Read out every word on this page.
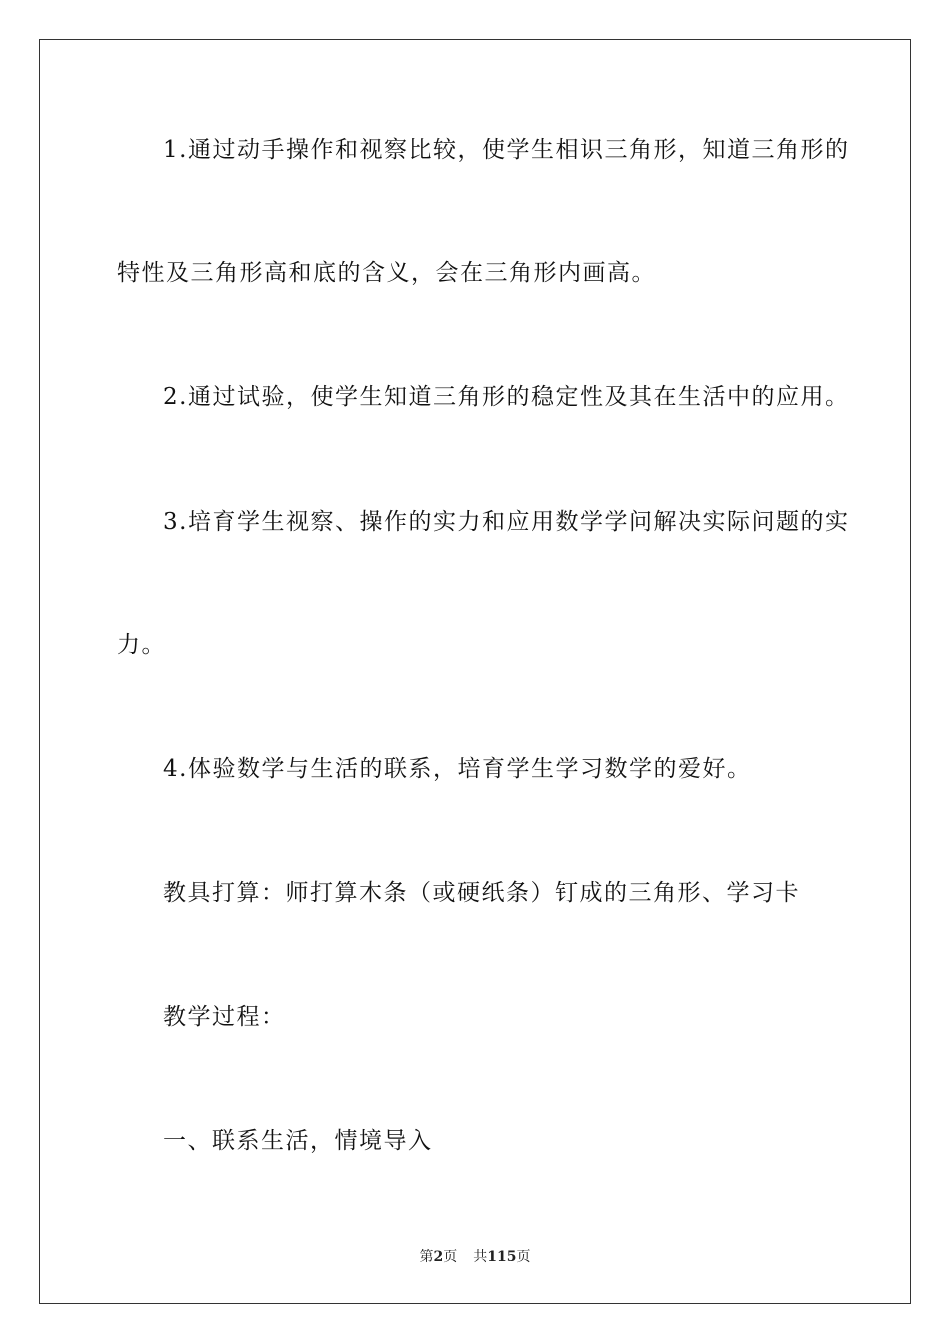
1.通过动手操作和视察比较，使学生相识三角形，知道三角形的
特性及三角形高和底的含义，会在三角形内画高。
2.通过试验，使学生知道三角形的稳定性及其在生活中的应用。
3.培育学生视察、操作的实力和应用数学学问解决实际问题的实
力。
4.体验数学与生活的联系，培育学生学习数学的爱好。
教具打算：师打算木条（或硬纸条）钉成的三角形、学习卡
教学过程：
一、联系生活，情境导入
第2页 共115页
